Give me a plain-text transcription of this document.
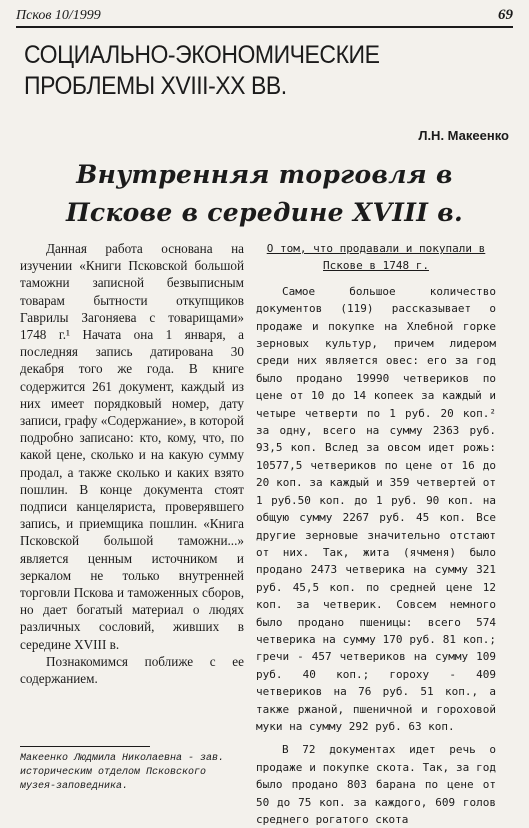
Псков 10/1999	69
СОЦИАЛЬНО-ЭКОНОМИЧЕСКИЕ ПРОБЛЕМЫ XVIII-XX ВВ.
Л.Н. Макеенко
Внутренняя торговля в Пскове в середине XVIII в.

Данная работа основана на изучении «Книги Псковской большой таможни записной безвыписным товарам бытности откупщиков Гаврилы Загоняева с товарищами» 1748 г.¹ Начата она 1 января, а последняя запись датирована 30 декабря того же года. В книге содержится 261 документ, каждый из них имеет порядковый номер, дату записи, графу «Содержание», в которой подробно записано: кто, кому, что, по какой цене, сколько и на какую сумму продал, а также сколько и каких взято пошлин. В конце документа стоят подписи канцеляриста, проверявшего запись, и приемщика пошлин. «Книга Псковской большой таможни...» является ценным источником и зеркалом не только внутренней торговли Пскова и таможенных сборов, но дает богатый материал о людях различных сословий, живших в середине XVIII в.

Познакомимся поближе с ее содержанием.

О том, что продавали и покупали в Пскове в 1748 г.

Самое большое количество документов (119) рассказывает о продаже и покупке на Хлебной горке зерновых культур, причем лидером среди них является овес: его за год было продано 19990 четвериков по цене от 10 до 14 копеек за каждый и четыре четверти по 1 руб. 20 коп.² за одну, всего на сумму 2363 руб. 93,5 коп. Вслед за овсом идет рожь: 10577,5 четвериков по цене от 16 до 20 коп. за каждый и 359 четвертей от 1 руб.50 коп. до 1 руб. 90 коп. на общую сумму 2267 руб. 45 коп. Все другие зерновые значительно отстают от них. Так, жита (ячменя) было продано 2473 четверика на сумму 321 руб. 45,5 коп. по средней цене 12 коп. за четверик. Совсем немного было продано пшеницы: всего 574 четверика на сумму 170 руб. 81 коп.; гречи - 457 четвериков на сумму 109 руб. 40 коп.; гороху - 409 четвериков на 76 руб. 51 коп., а также ржаной, пшеничной и гороховой муки на сумму 292 руб. 63 коп.

В 72 документах идет речь о продаже и покупке скота. Так, за год было продано 803 барана по цене от 50 до 75 коп. за каждого, 609 голов среднего рогатого скота

Макеенко Людмила Николаевна - зав. историческим отделом Псковского музея-заповедника.
